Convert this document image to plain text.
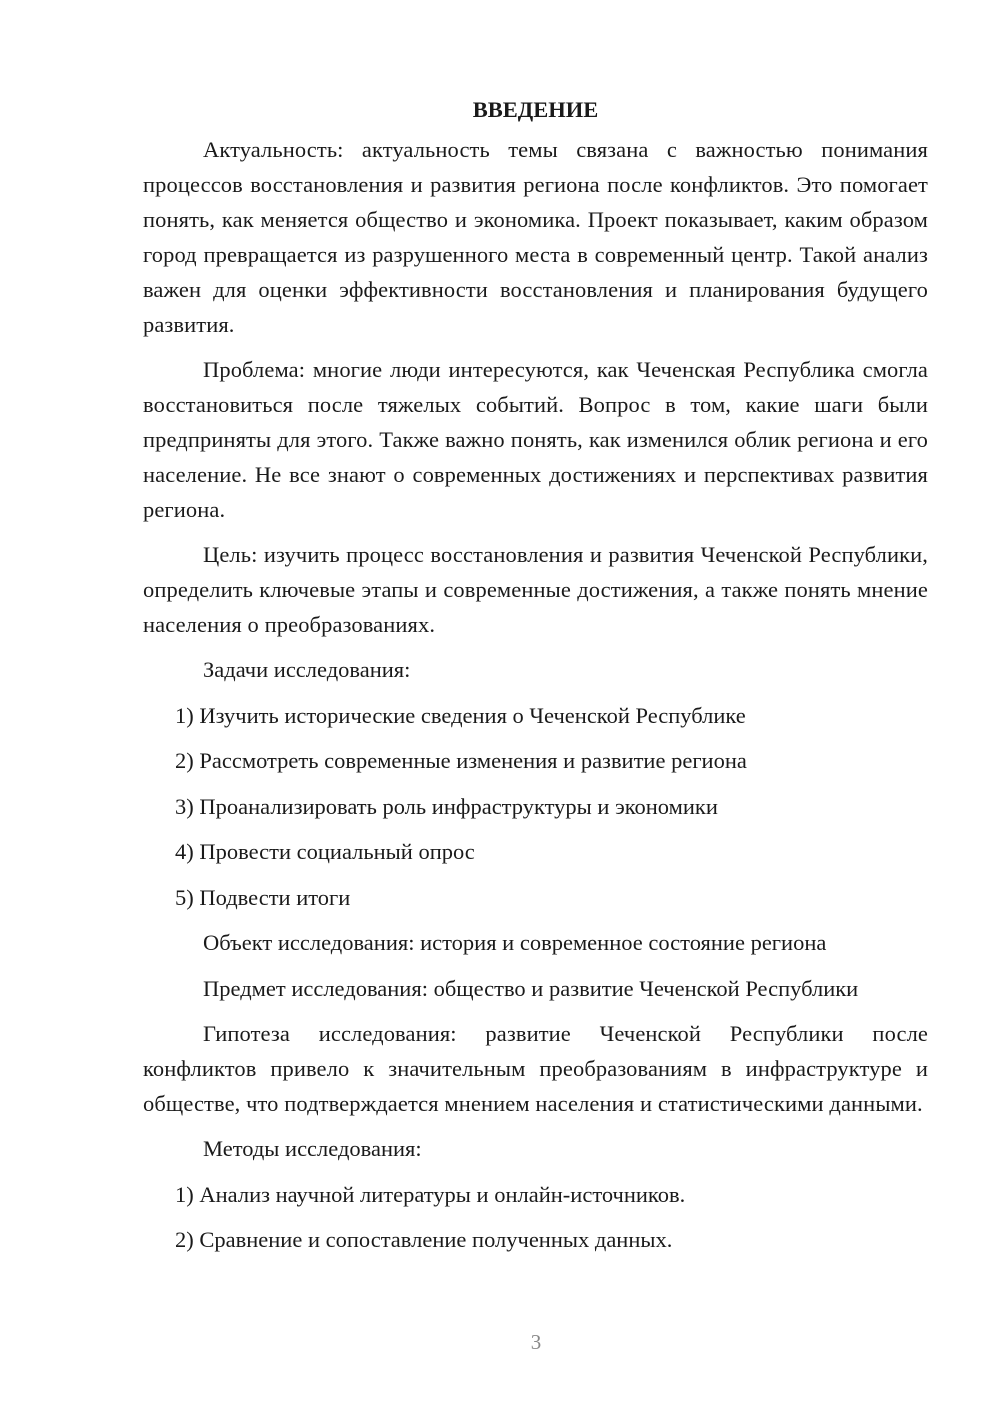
ВВЕДЕНИЕ

Актуальность: актуальность темы связана с важностью понимания процессов восстановления и развития региона после конфликтов. Это помогает понять, как меняется общество и экономика. Проект показывает, каким образом город превращается из разрушенного места в современный центр. Такой анализ важен для оценки эффективности восстановления и планирования будущего развития.

Проблема: многие люди интересуются, как Чеченская Республика смогла восстановиться после тяжелых событий. Вопрос в том, какие шаги были предприняты для этого. Также важно понять, как изменился облик региона и его население. Не все знают о современных достижениях и перспективах развития региона.

Цель: изучить процесс восстановления и развития Чеченской Республики, определить ключевые этапы и современные достижения, а также понять мнение населения о преобразованиях.

Задачи исследования:
1) Изучить исторические сведения о Чеченской Республике
2) Рассмотреть современные изменения и развитие региона
3) Проанализировать роль инфраструктуры и экономики
4) Провести социальный опрос
5) Подвести итоги
Объект исследования: история и современное состояние региона
Предмет исследования: общество и развитие Чеченской Республики

Гипотеза исследования: развитие Чеченской Республики после конфликтов привело к значительным преобразованиям в инфраструктуре и обществе, что подтверждается мнением населения и статистическими данными.

Методы исследования:
1) Анализ научной литературы и онлайн-источников.
2) Сравнение и сопоставление полученных данных.
3
